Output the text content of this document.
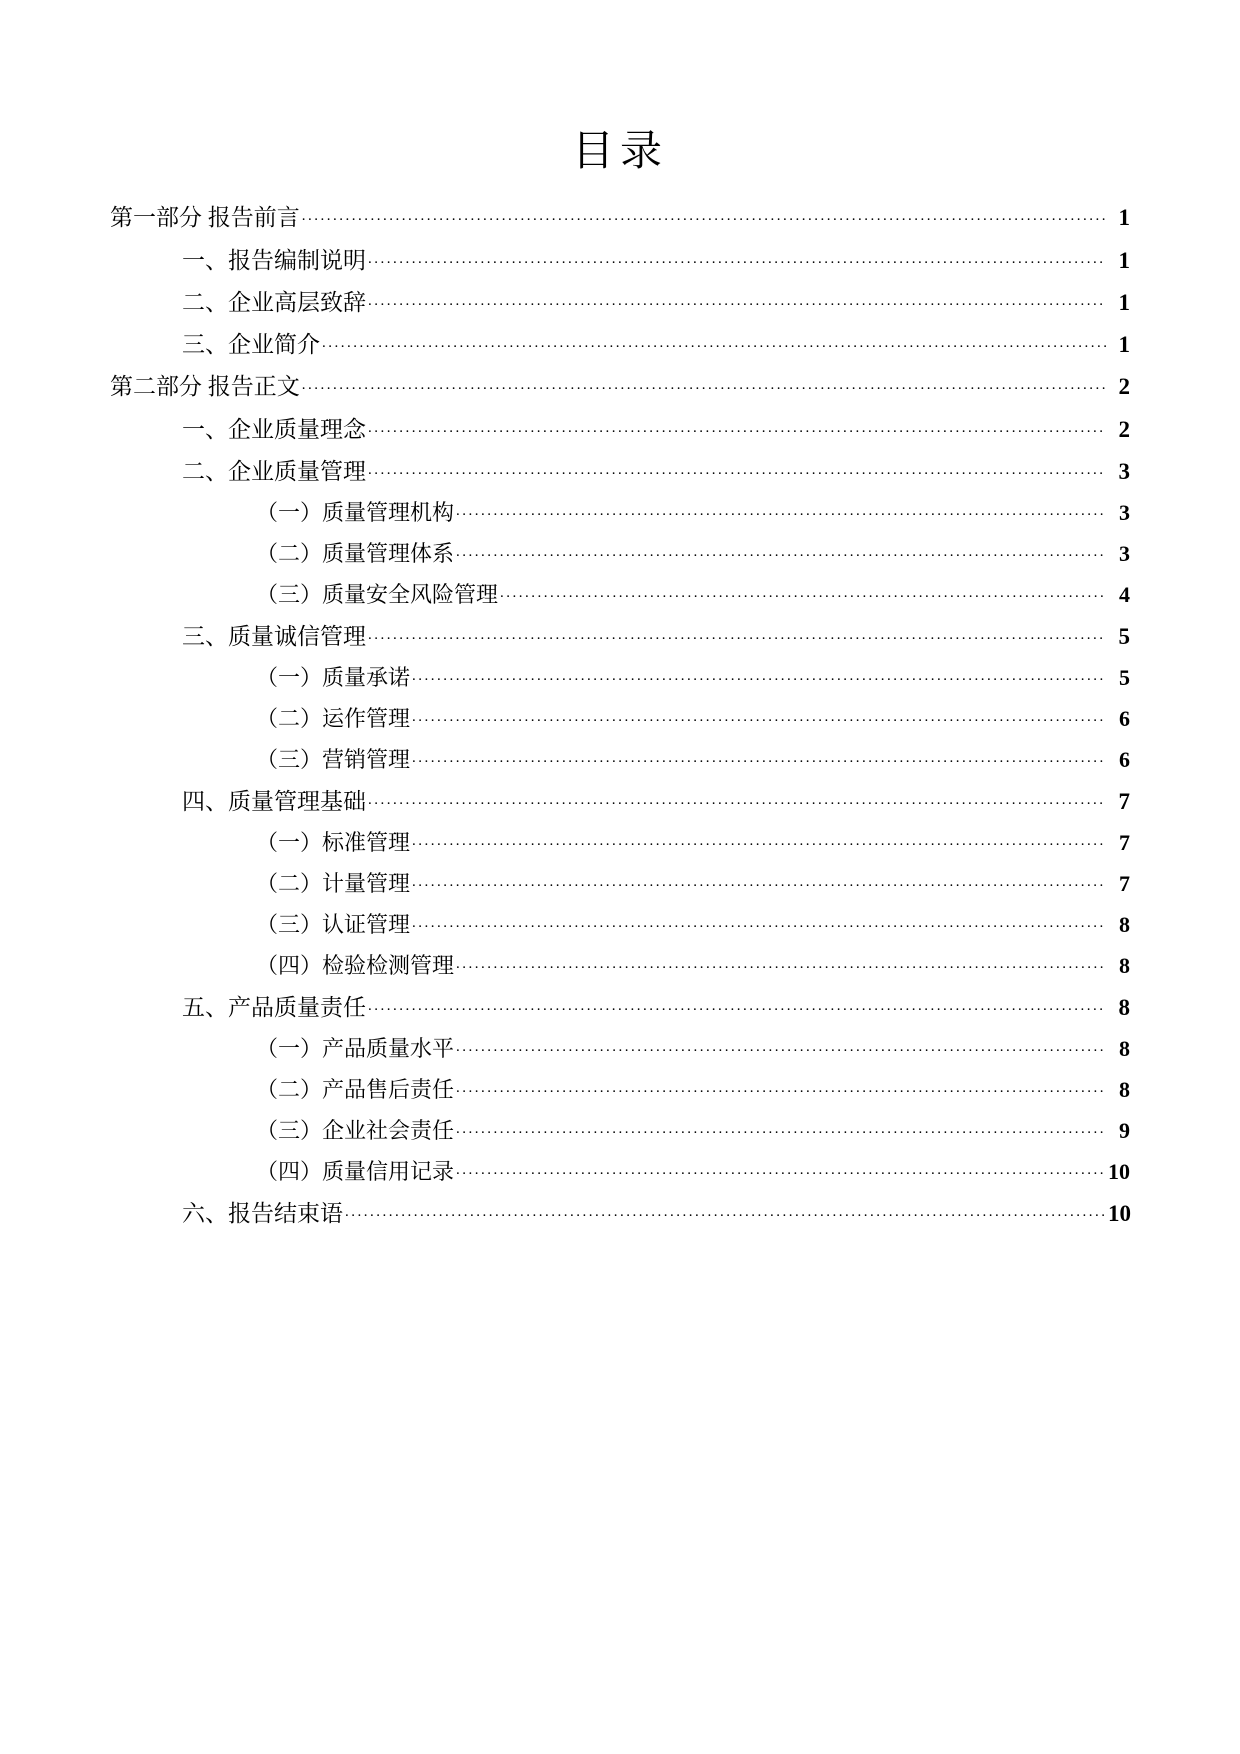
目录
第一部分 报告前言 .....	1
一、报告编制说明 .....	1
二、企业高层致辞 .....	1
三、企业简介 .....	1
第二部分 报告正文 .....	2
一、企业质量理念 .....	2
二、企业质量管理 .....	3
（一）质量管理机构 .....	3
（二）质量管理体系 .....	3
（三）质量安全风险管理 .....	4
三、质量诚信管理 .....	5
（一）质量承诺 .....	5
（二）运作管理 .....	6
（三）营销管理 .....	6
四、质量管理基础 .....	7
（一）标准管理 .....	7
（二）计量管理 .....	7
（三）认证管理 .....	8
（四）检验检测管理 .....	8
五、产品质量责任 .....	8
（一）产品质量水平 .....	8
（二）产品售后责任 .....	8
（三）企业社会责任 .....	9
（四）质量信用记录 .....	10
六、报告结束语 .....	10
